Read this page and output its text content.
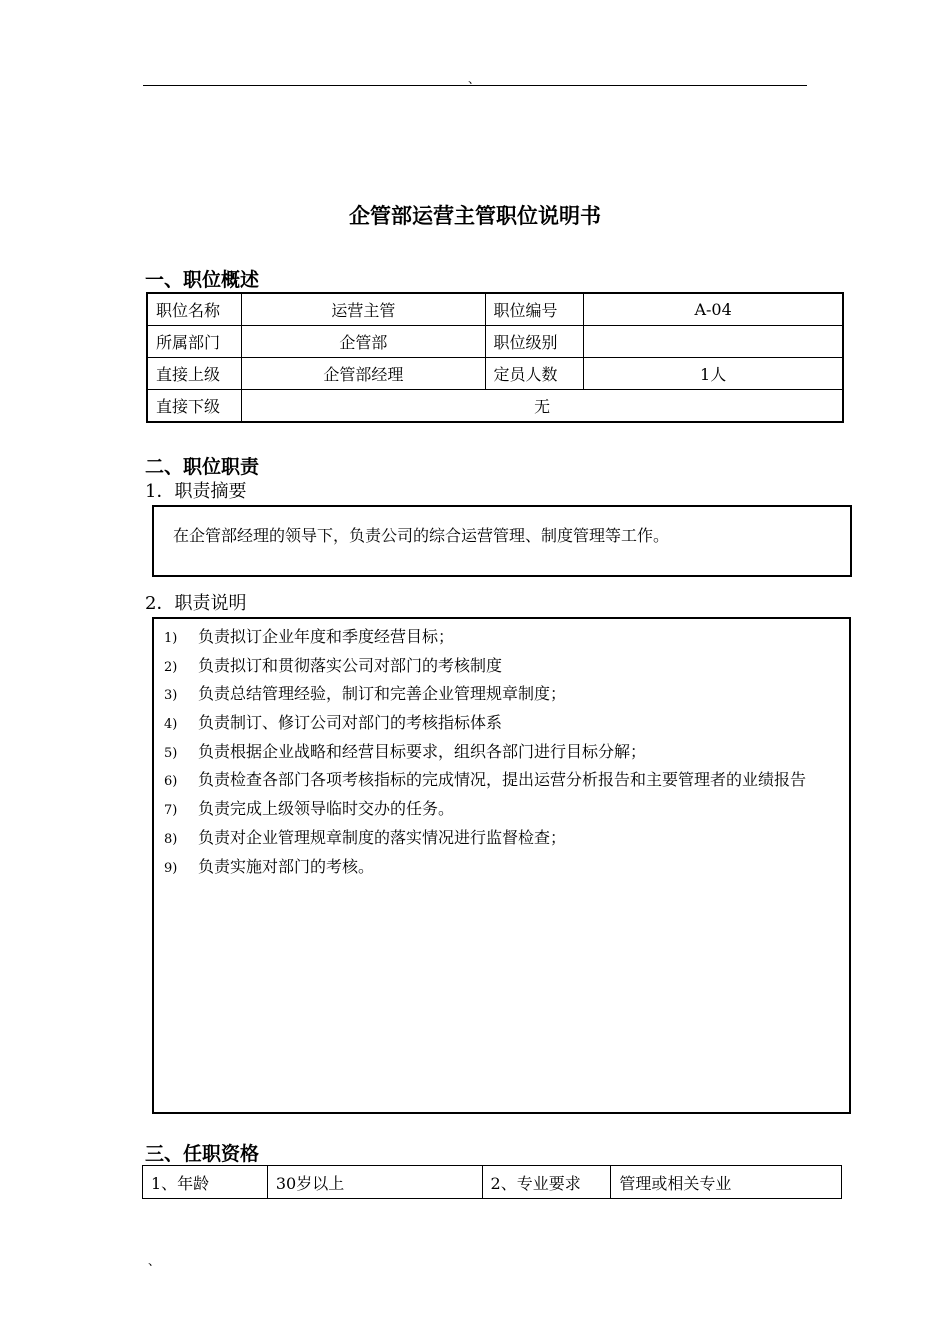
、
企管部运营主管职位说明书
一、职位概述
职位名称	运营主管	职位编号	A-04
所属部门	企管部	职位级别	
直接上级	企管部经理	定员人数	1人
直接下级	无		
二、职位职责
1．职责摘要
在企管部经理的领导下，负责公司的综合运营管理、制度管理等工作。
2．职责说明
1)	负责拟订企业年度和季度经营目标；
2)	负责拟订和贯彻落实公司对部门的考核制度
3)	负责总结管理经验，制订和完善企业管理规章制度；
4)	负责制订、修订公司对部门的考核指标体系
5)	负责根据企业战略和经营目标要求，组织各部门进行目标分解；
6)	负责检查各部门各项考核指标的完成情况，提出运营分析报告和主要管理者的业绩报告
7)	负责完成上级领导临时交办的任务。
8)	负责对企业管理规章制度的落实情况进行监督检查；
9)	负责实施对部门的考核。
三、任职资格
1、年龄	30岁以上	2、专业要求	管理或相关专业
、
